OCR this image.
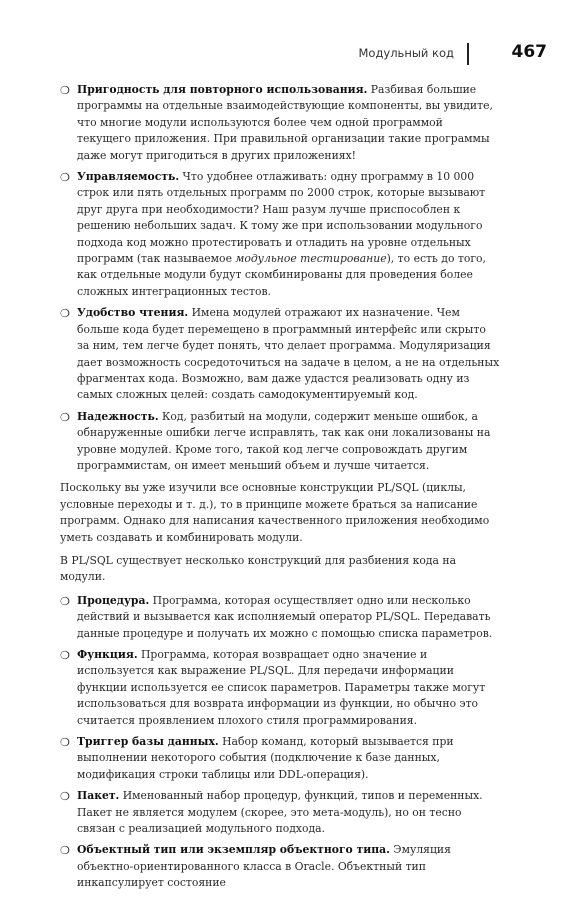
Модульный код	467
❍ Пригодность для повторного использования. Разбивая большие программы на отдельные взаимодействующие компоненты, вы увидите, что многие модули используются более чем одной программой текущего приложения. При правильной организации такие программы даже могут пригодиться в других приложениях!
❍ Управляемость. Что удобнее отлаживать: одну программу в 10 000 строк или пять отдельных программ по 2000 строк, которые вызывают друг друга при необходимости? Наш разум лучше приспособлен к решению небольших задач. К тому же при использовании модульного подхода код можно протестировать и отладить на уровне отдельных программ (так называемое модульное тестирование), то есть до того, как отдельные модули будут скомбинированы для проведения более сложных интеграционных тестов.
❍ Удобство чтения. Имена модулей отражают их назначение. Чем больше кода будет перемещено в программный интерфейс или скрыто за ним, тем легче будет понять, что делает программа. Модуляризация дает возможность сосредоточиться на задаче в целом, а не на отдельных фрагментах кода. Возможно, вам даже удастся реализовать одну из самых сложных целей: создать самодокументируемый код.
❍ Надежность. Код, разбитый на модули, содержит меньше ошибок, а обнаруженные ошибки легче исправлять, так как они локализованы на уровне модулей. Кроме того, такой код легче сопровождать другим программистам, он имеет меньший объем и лучше читается.

Поскольку вы уже изучили все основные конструкции PL/SQL (циклы, условные переходы и т. д.), то в принципе можете браться за написание программ. Однако для написания качественного приложения необходимо уметь создавать и комбинировать модули.

В PL/SQL существует несколько конструкций для разбиения кода на модули.

❍ Процедура. Программа, которая осуществляет одно или несколько действий и вызывается как исполняемый оператор PL/SQL. Передавать данные процедуре и получать их можно с помощью списка параметров.
❍ Функция. Программа, которая возвращает одно значение и используется как выражение PL/SQL. Для передачи информации функции используется ее список параметров. Параметры также могут использоваться для возврата информации из функции, но обычно это считается проявлением плохого стиля программирования.
❍ Триггер базы данных. Набор команд, который вызывается при выполнении некоторого события (подключение к базе данных, модификация строки таблицы или DDL-операция).
❍ Пакет. Именованный набор процедур, функций, типов и переменных. Пакет не является модулем (скорее, это мета-модуль), но он тесно связан с реализацией модульного подхода.
❍ Объектный тип или экземпляр объектного типа. Эмуляция объектно-ориентированного класса в Oracle. Объектный тип инкапсулирует состояние
